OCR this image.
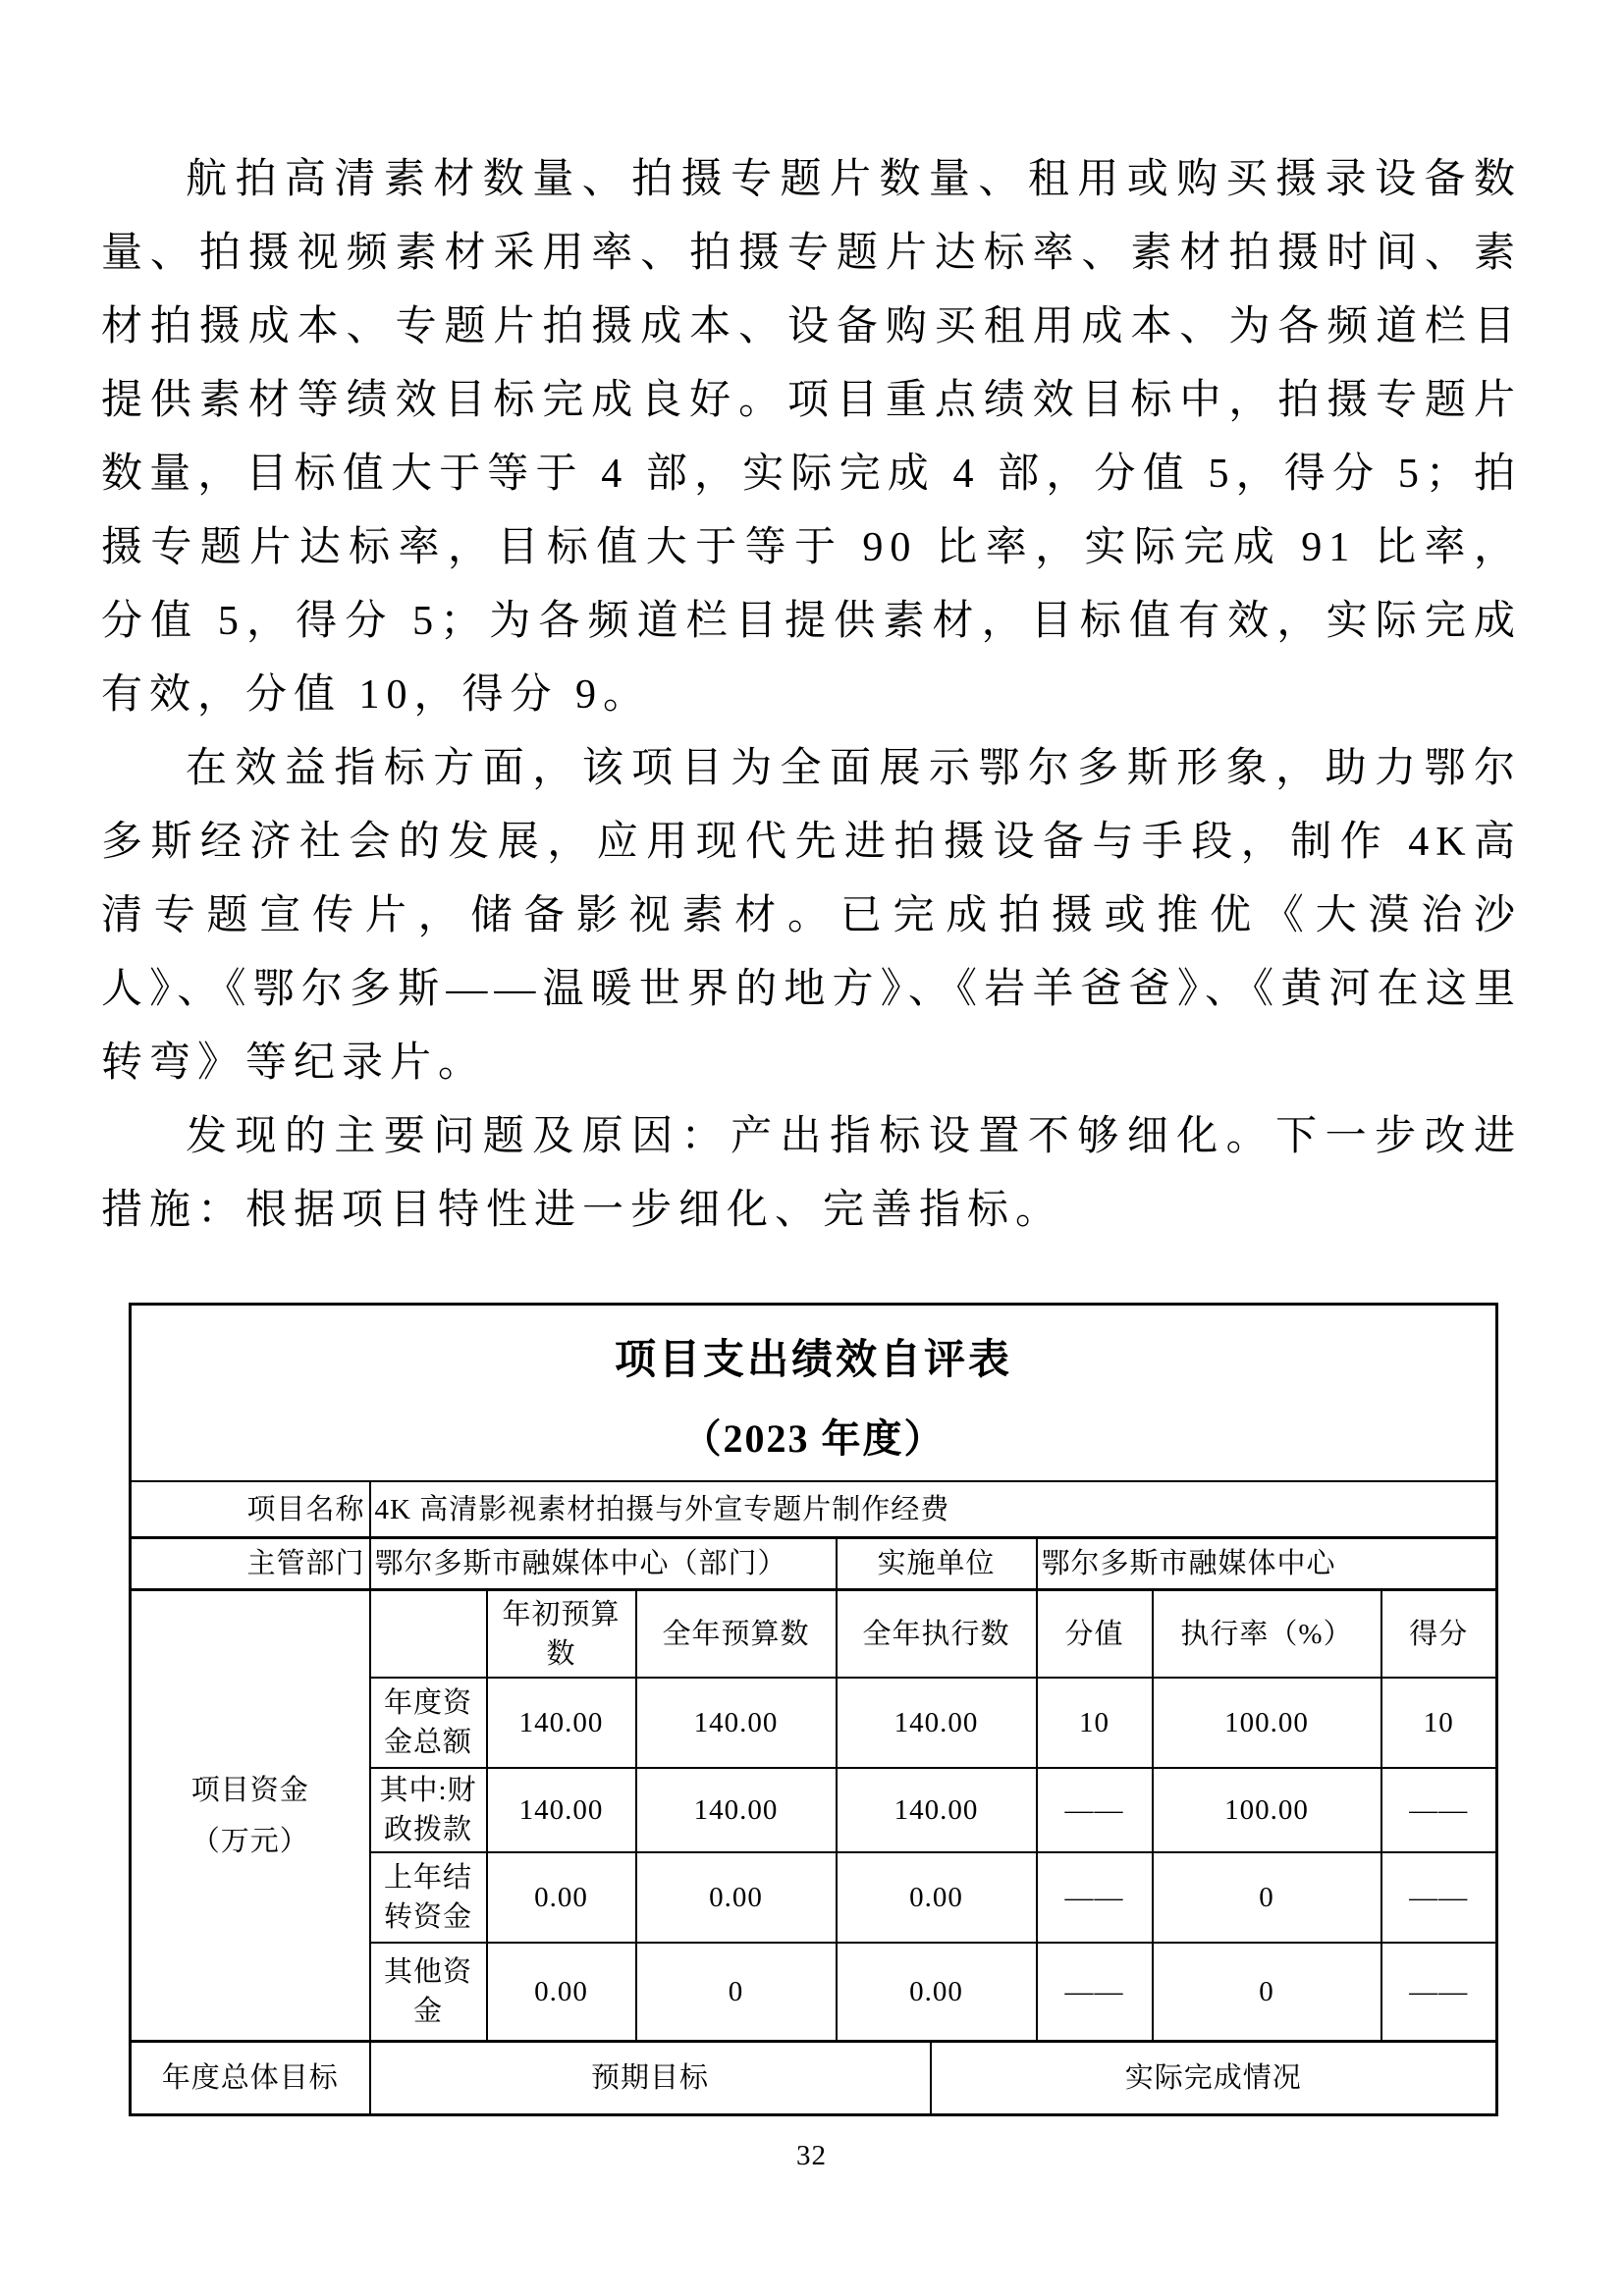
航拍高清素材数量、拍摄专题片数量、租用或购买摄录设备数量、拍摄视频素材采用率、拍摄专题片达标率、素材拍摄时间、素材拍摄成本、专题片拍摄成本、设备购买租用成本、为各频道栏目提供素材等绩效目标完成良好。项目重点绩效目标中，拍摄专题片数量，目标值大于等于 4 部，实际完成 4 部，分值 5，得分 5；拍摄专题片达标率，目标值大于等于 90 比率，实际完成 91 比率，分值 5，得分 5；为各频道栏目提供素材，目标值有效，实际完成有效，分值 10，得分 9。

在效益指标方面，该项目为全面展示鄂尔多斯形象，助力鄂尔多斯经济社会的发展，应用现代先进拍摄设备与手段，制作 4K高清专题宣传片，储备影视素材。已完成拍摄或推优《大漠治沙人》、《鄂尔多斯——温暖世界的地方》、《岩羊爸爸》、《黄河在这里转弯》等纪录片。

发现的主要问题及原因：产出指标设置不够细化。下一步改进措施：根据项目特性进一步细化、完善指标。

项目支出绩效自评表
（2023 年度）								

项目名称	4K 高清影视素材拍摄与外宣专题片制作经费							
主管部门	鄂尔多斯市融媒体中心（部门）			实施单位		鄂尔多斯市融媒体中心		

项目资金
（万元）		年初预算数	全年预算数	全年执行数		分值	执行率（%）	得分
	年度资金总额	140.00	140.00	140.00		10	100.00	10
	其中:财政拨款	140.00	140.00	140.00		——	100.00	——
	上年结转资金	0.00	0.00	0.00		——	0	——
	其他资金	0.00	0	0.00		——	0	——
年度总体目标	预期目标				实际完成情况			
32
